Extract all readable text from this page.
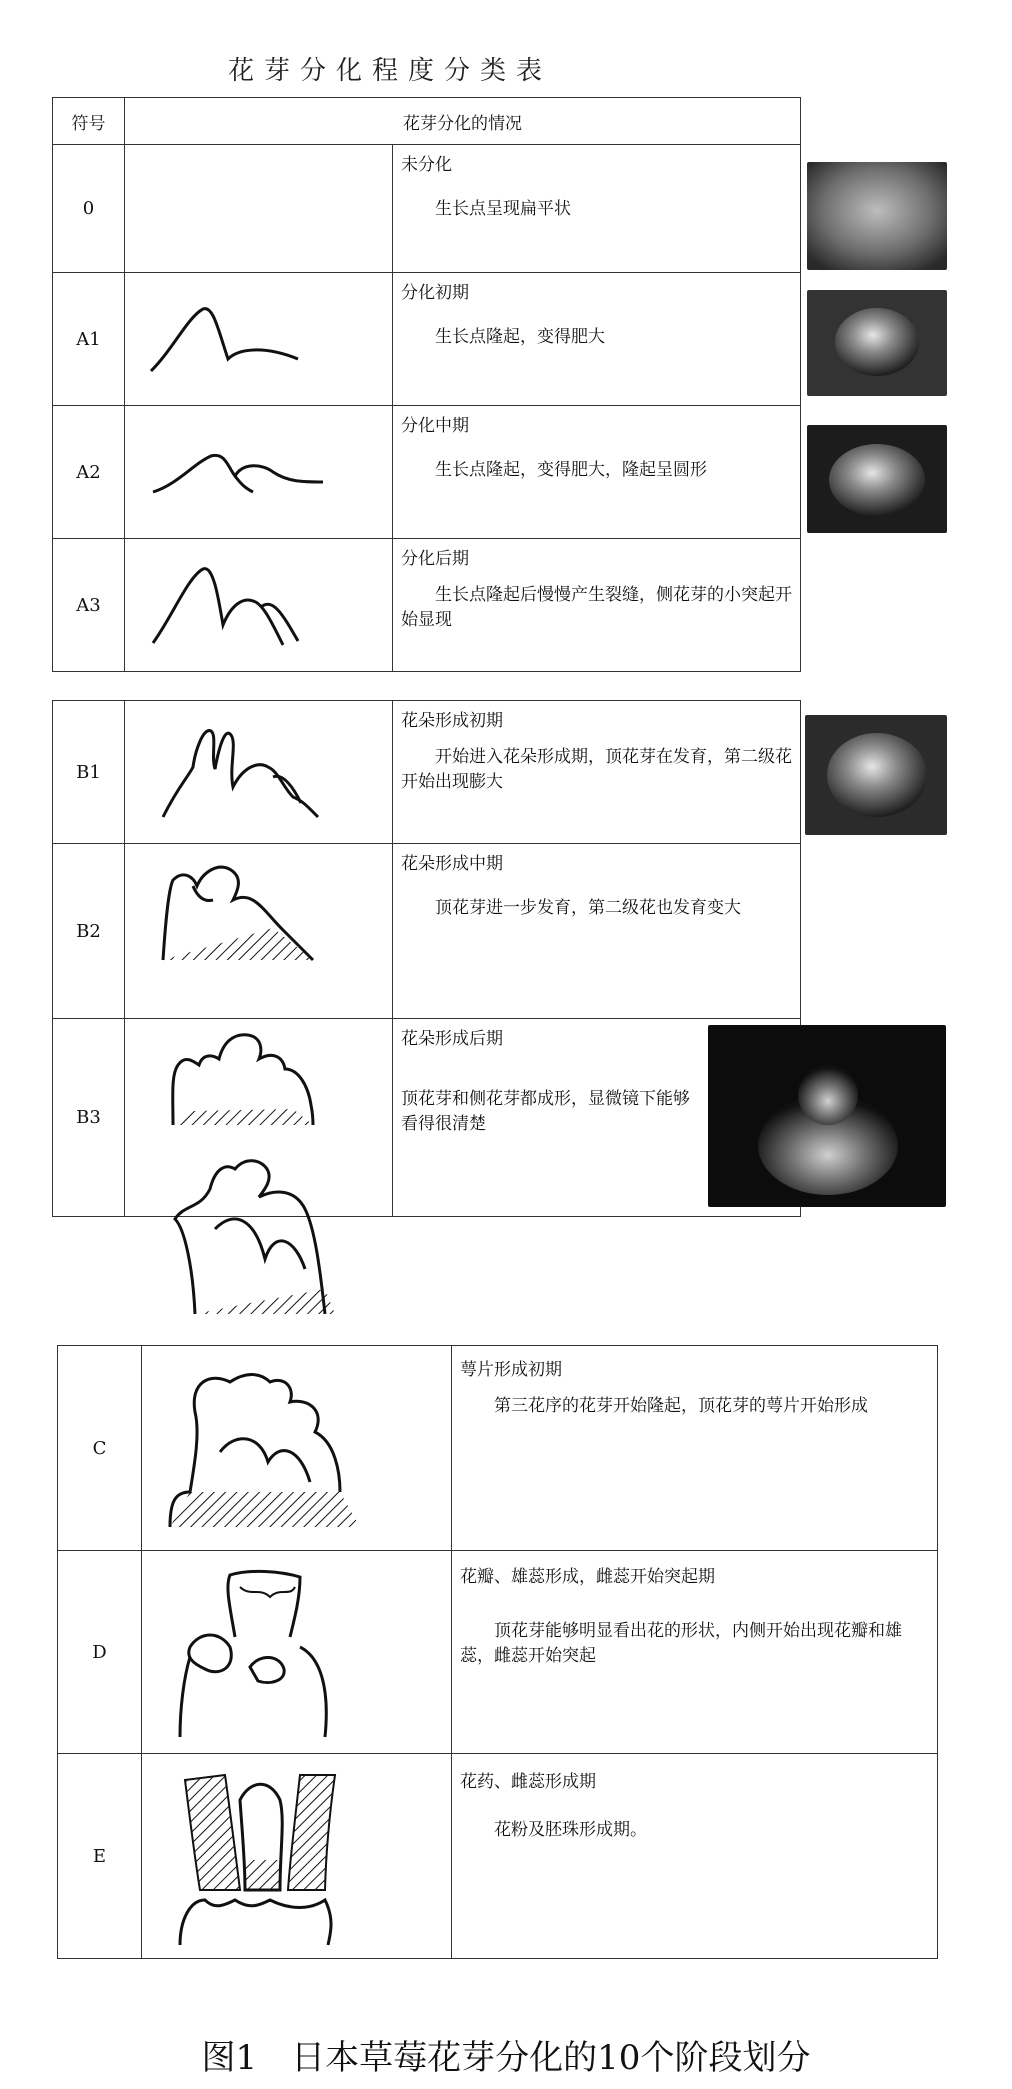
花芽分化程度分类表
符号	花芽分化的情况	
0		未分化
生长点呈现扁平状

A1		分化初期
生长点隆起，变得肥大

A2		分化中期
生长点隆起，变得肥大，隆起呈圆形

A3		分化后期
生长点隆起后慢慢产生裂缝，侧花芽的小突起开始显现
B1		花朵形成初期
开始进入花朵形成期，顶花芽在发育，第二级花开始出现膨大

B2		花朵形成中期
顶花芽进一步发育，第二级花也发育变大

B3		花朵形成后期
顶花芽和侧花芽都成形，显微镜下能够看得很清楚
C		萼片形成初期
第三花序的花芽开始隆起，顶花芽的萼片开始形成

D		花瓣、雄蕊形成，雌蕊开始突起期
顶花芽能够明显看出花的形状，内侧开始出现花瓣和雄蕊，雌蕊开始突起

E		花药、雌蕊形成期
花粉及胚珠形成期。
图1　日本草莓花芽分化的10个阶段划分
